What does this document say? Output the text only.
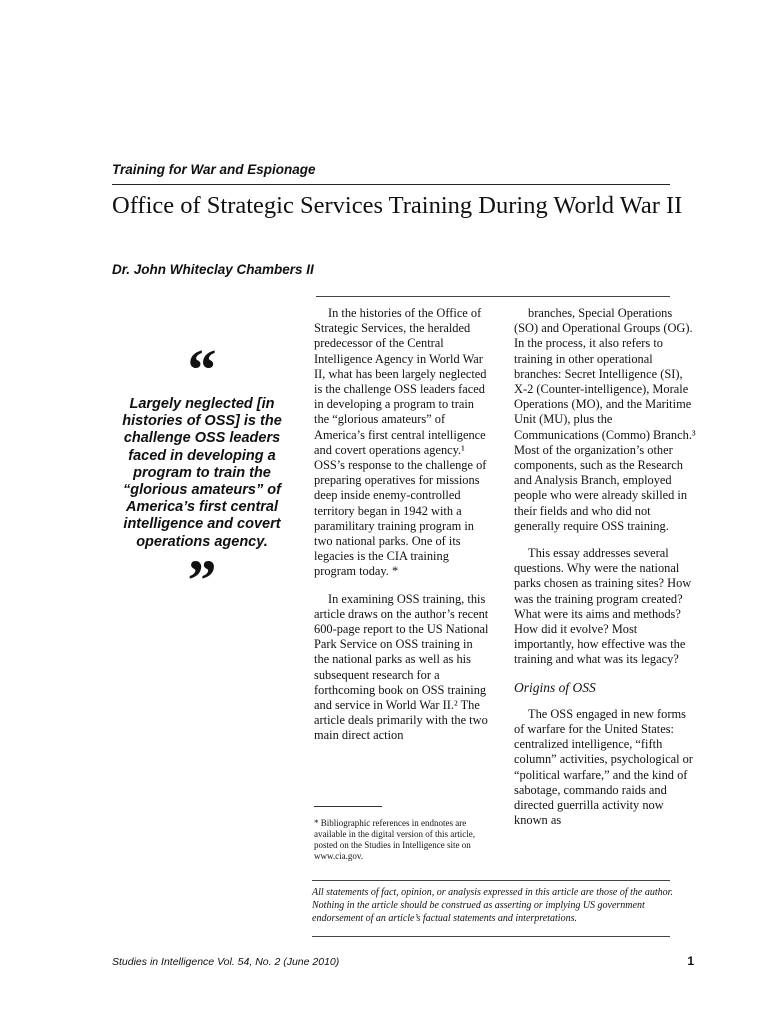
Training for War and Espionage
Office of Strategic Services Training During World War II
Dr. John Whiteclay Chambers II
“
Largely neglected [in histories of OSS] is the challenge OSS leaders faced in developing a program to train the “glorious amateurs” of America’s first central intelligence and covert operations agency.
”

In the histories of the Office of Strategic Services, the heralded predecessor of the Central Intelligence Agency in World War II, what has been largely neglected is the challenge OSS leaders faced in developing a program to train the “glorious amateurs” of America’s first central intelligence and covert operations agency.¹ OSS’s response to the challenge of preparing operatives for missions deep inside enemy-controlled territory began in 1942 with a paramilitary training program in two national parks. One of its legacies is the CIA training program today. *

In examining OSS training, this article draws on the author’s recent 600-page report to the US National Park Service on OSS training in the national parks as well as his subsequent research for a forthcoming book on OSS training and service in World War II.² The article deals primarily with the two main direct action

* Bibliographic references in endnotes are available in the digital version of this article, posted on the Studies in Intelligence site on www.cia.gov.

branches, Special Operations (SO) and Operational Groups (OG). In the process, it also refers to training in other operational branches: Secret Intelligence (SI), X-2 (Counter-intelligence), Morale Operations (MO), and the Maritime Unit (MU), plus the Communications (Commo) Branch.³ Most of the organization’s other components, such as the Research and Analysis Branch, employed people who were already skilled in their fields and who did not generally require OSS training.

This essay addresses several questions. Why were the national parks chosen as training sites? How was the training program created? What were its aims and methods? How did it evolve? Most importantly, how effective was the training and what was its legacy?

Origins of OSS

The OSS engaged in new forms of warfare for the United States: centralized intelligence, “fifth column” activities, psychological or “political warfare,” and the kind of sabotage, commando raids and directed guerrilla activity now known as

All statements of fact, opinion, or analysis expressed in this article are those of the author. Nothing in the article should be construed as asserting or implying US government endorsement of an article’s factual statements and interpretations.
Studies in Intelligence Vol. 54, No. 2 (June 2010)	1
